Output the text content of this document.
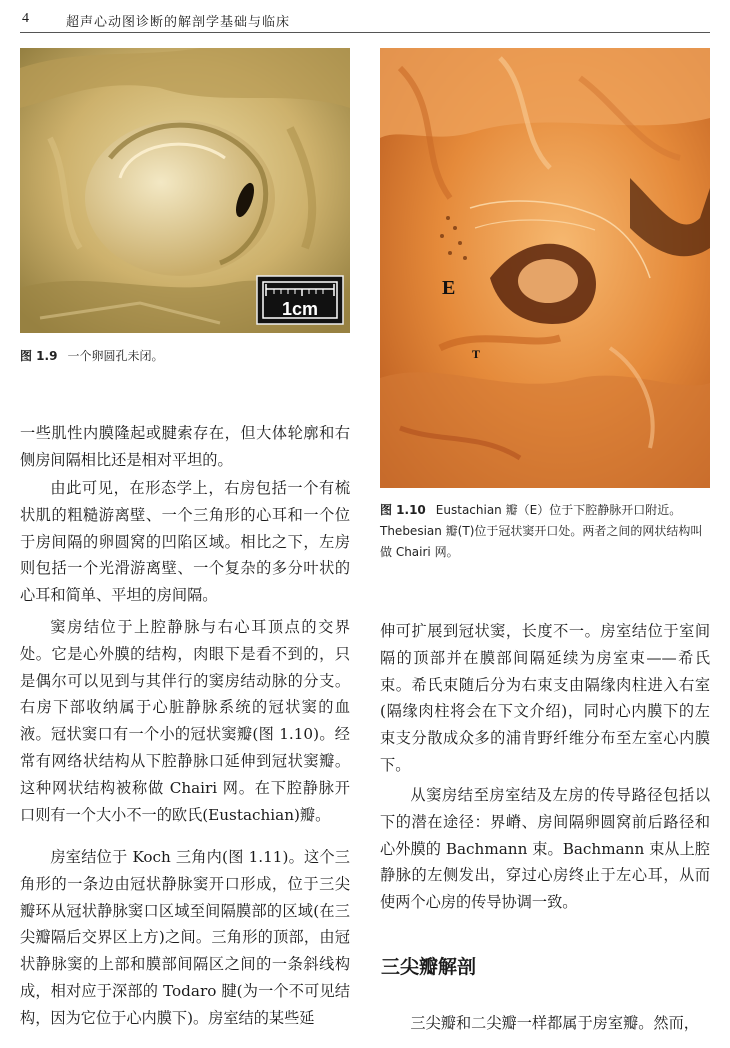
4	超声心动图诊断的解剖学基础与临床
1cm
图 1.9 一个卵圆孔未闭。
E
T
图 1.10 Eustachian 瓣（E）位于下腔静脉开口附近。Thebesian 瓣(T)位于冠状窦开口处。两者之间的网状结构叫做 Chairi 网。

一些肌性内膜隆起或腱索存在，但大体轮廓和右侧房间隔相比还是相对平坦的。

由此可见，在形态学上，右房包括一个有梳状肌的粗糙游离壁、一个三角形的心耳和一个位于房间隔的卵圆窝的凹陷区域。相比之下，左房则包括一个光滑游离壁、一个复杂的多分叶状的心耳和简单、平坦的房间隔。

窦房结位于上腔静脉与右心耳顶点的交界处。它是心外膜的结构，肉眼下是看不到的，只是偶尔可以见到与其伴行的窦房结动脉的分支。右房下部收纳属于心脏静脉系统的冠状窦的血液。冠状窦口有一个小的冠状窦瓣(图 1.10)。经常有网络状结构从下腔静脉口延伸到冠状窦瓣。这种网状结构被称做 Chairi 网。在下腔静脉开口则有一个大小不一的欧氏(Eustachian)瓣。

房室结位于 Koch 三角内(图 1.11)。这个三角形的一条边由冠状静脉窦开口形成，位于三尖瓣环从冠状静脉窦口区域至间隔膜部的区域(在三尖瓣隔后交界区上方)之间。三角形的顶部，由冠状静脉窦的上部和膜部间隔区之间的一条斜线构成，相对应于深部的 Todaro 腱(为一个不可见结构，因为它位于心内膜下)。房室结的某些延

伸可扩展到冠状窦，长度不一。房室结位于室间隔的顶部并在膜部间隔延续为房室束——希氏束。希氏束随后分为右束支由隔缘肉柱进入右室(隔缘肉柱将会在下文介绍)，同时心内膜下的左束支分散成众多的浦肯野纤维分布至左室心内膜下。

从窦房结至房室结及左房的传导路径包括以下的潜在途径：界嵴、房间隔卵圆窝前后路径和心外膜的 Bachmann 束。Bachmann 束从上腔静脉的左侧发出，穿过心房终止于左心耳，从而使两个心房的传导协调一致。

三尖瓣解剖

三尖瓣和二尖瓣一样都属于房室瓣。然而，
